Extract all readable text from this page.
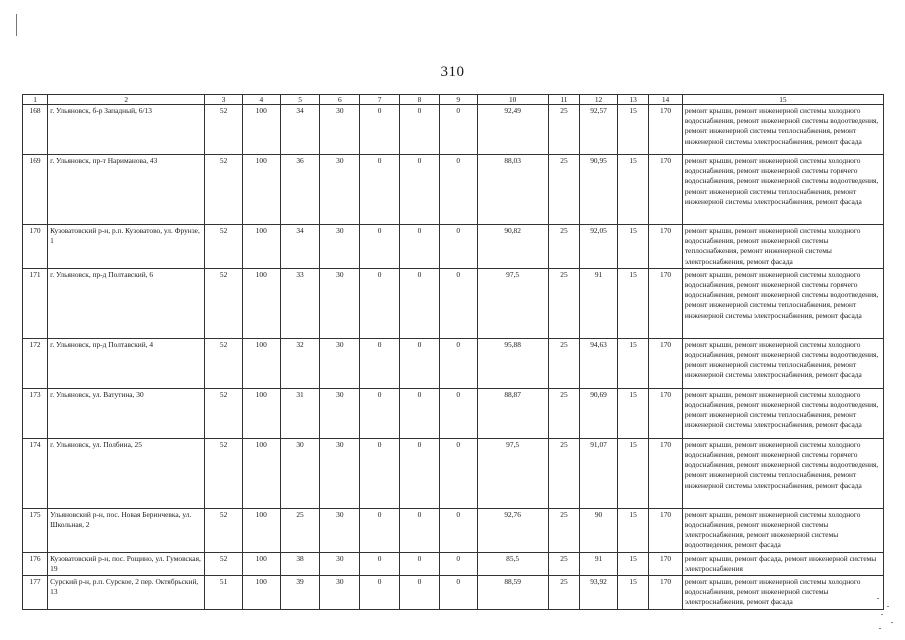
310
1	2	3	4	5	6	7	8	9	10	11	12	13	14	15
168	г. Ульяновск, б-р Западный, 6/13	52	100	34	30	0	0	0	92,49	25	92,57	15	170	ремонт крыши, ремонт инженерной системы холодного водоснабжения, ремонт инженерной системы водоотведения, ремонт инженерной системы теплоснабжения, ремонт инженерной системы электроснабжения, ремонт фасада
169	г. Ульяновск, пр-т Нариманова, 43	52	100	36	30	0	0	0	88,03	25	90,95	15	170	ремонт крыши, ремонт инженерной системы холодного водоснабжения, ремонт инженерной системы горячего водоснабжения, ремонт инженерной системы водоотведения, ремонт инженерной системы теплоснабжения, ремонт инженерной системы электроснабжения, ремонт фасада
170	Кузоватовский р-н, р.п. Кузоватово, ул. Фрунзе, 1	52	100	34	30	0	0	0	90,82	25	92,05	15	170	ремонт крыши, ремонт инженерной системы холодного водоснабжения, ремонт инженерной системы теплоснабжения, ремонт инженерной системы электроснабжения, ремонт фасада
171	г. Ульяновск, пр-д Полтавский, 6	52	100	33	30	0	0	0	97,5	25	91	15	170	ремонт крыши, ремонт инженерной системы холодного водоснабжения, ремонт инженерной системы горячего водоснабжения, ремонт инженерной системы водоотведения, ремонт инженерной системы теплоснабжения, ремонт инженерной системы электроснабжения, ремонт фасада
172	г. Ульяновск, пр-д Полтавский, 4	52	100	32	30	0	0	0	95,88	25	94,63	15	170	ремонт крыши, ремонт инженерной системы холодного водоснабжения, ремонт инженерной системы водоотведения, ремонт инженерной системы теплоснабжения, ремонт инженерной системы электроснабжения, ремонт фасада
173	г. Ульяновск, ул. Ватутина, 30	52	100	31	30	0	0	0	88,87	25	90,69	15	170	ремонт крыши, ремонт инженерной системы холодного водоснабжения, ремонт инженерной системы водоотведения, ремонт инженерной системы теплоснабжения, ремонт инженерной системы электроснабжения, ремонт фасада
174	г. Ульяновск, ул. Полбина, 25	52	100	30	30	0	0	0	97,5	25	91,07	15	170	ремонт крыши, ремонт инженерной системы холодного водоснабжения, ремонт инженерной системы горячего водоснабжения, ремонт инженерной системы водоотведения, ремонт инженерной системы теплоснабжения, ремонт инженерной системы электроснабжения, ремонт фасада
175	Ульяновский р-н, пос. Новая Беринчевка, ул. Школьная, 2	52	100	25	30	0	0	0	92,76	25	90	15	170	ремонт крыши, ремонт инженерной системы холодного водоснабжения, ремонт инженерной системы электроснабжения, ремонт инженерной системы водоотведения, ремонт фасада
176	Кузоватовский р-н, пос. Рощино, ул. Гумовская, 19	52	100	38	30	0	0	0	85,5	25	91	15	170	ремонт крыши, ремонт фасада, ремонт инженерной системы электроснабжения
177	Сурский р-н, р.п. Сурское, 2 пер. Октябрьский, 13	51	100	39	30	0	0	0	88,59	25	93,92	15	170	ремонт крыши, ремонт инженерной системы холодного водоснабжения, ремонт инженерной системы электроснабжения, ремонт фасада
